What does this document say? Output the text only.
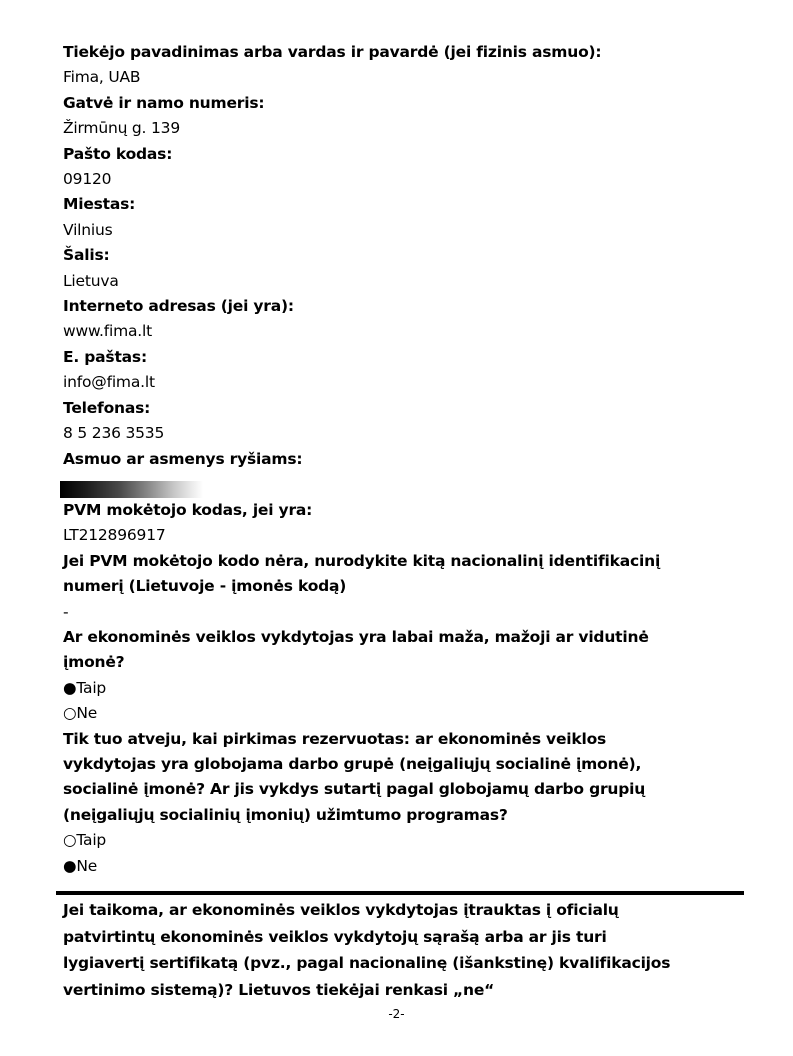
Tiekėjo pavadinimas arba vardas ir pavardė (jei fizinis asmuo):
Fima, UAB
Gatvė ir namo numeris:
Žirmūnų g. 139
Pašto kodas:
09120
Miestas:
Vilnius
Šalis:
Lietuva
Interneto adresas (jei yra):
www.fima.lt
E. paštas:
info@fima.lt
Telefonas:
8 5 236 3535
Asmuo ar asmenys ryšiams:
PVM mokėtojo kodas, jei yra:
LT212896917
Jei PVM mokėtojo kodo nėra, nurodykite kitą nacionalinį identifikacinį
numerį (Lietuvoje - įmonės kodą)
-
Ar ekonominės veiklos vykdytojas yra labai maža, mažoji ar vidutinė
įmonė?
●Taip
○Ne
Tik tuo atveju, kai pirkimas rezervuotas: ar ekonominės veiklos
vykdytojas yra globojama darbo grupė (neįgaliųjų socialinė įmonė),
socialinė įmonė? Ar jis vykdys sutartį pagal globojamų darbo grupių
(neįgaliųjų socialinių įmonių) užimtumo programas?
○Taip
●Ne
Jei taikoma, ar ekonominės veiklos vykdytojas įtrauktas į oficialų
patvirtintų ekonominės veiklos vykdytojų sąrašą arba ar jis turi
lygiavertį sertifikatą (pvz., pagal nacionalinę (išankstinę) kvalifikacijos
vertinimo sistemą)? Lietuvos tiekėjai renkasi „ne“
-2-
